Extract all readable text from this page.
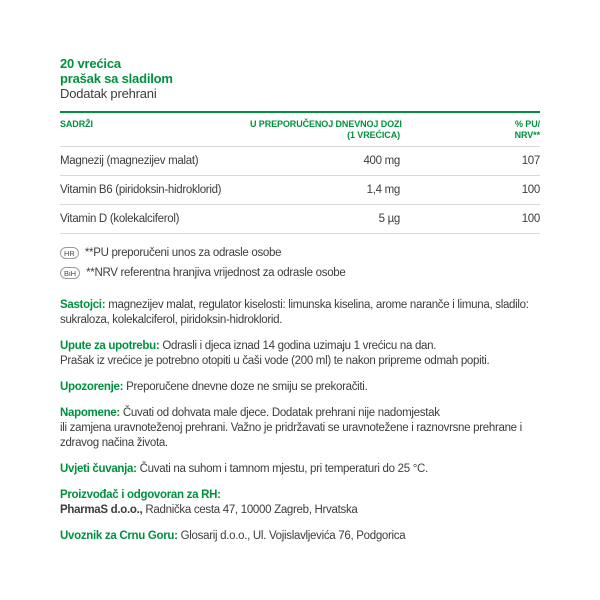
20 vrećica
prašak sa sladilom
Dodatak prehrani
SADRŽI	U PREPORUČENOJ DNEVNOJ DOZI
(1 VREĆICA)
% PU/
NRV**
Magnezij (magnezijev malat)	400 mg	107
Vitamin B6 (piridoksin-hidroklorid)	1,4 mg	100
Vitamin D (kolekalciferol)	5 µg	100
HR **PU preporučeni unos za odrasle osobe
BiH **NRV referentna hranjiva vrijednost za odrasle osobe

Sastojci: magnezijev malat, regulator kiselosti: limunska kiselina, arome naranče i limuna, sladilo:
sukraloza, kolekalciferol, piridoksin-hidroklorid.

Upute za upotrebu: Odrasli i djeca iznad 14 godina uzimaju 1 vrećicu na dan.
Prašak iz vrećice je potrebno otopiti u čaši vode (200 ml) te nakon pripreme odmah popiti.

Upozorenje: Preporučene dnevne doze ne smiju se prekoračiti.

Napomene: Čuvati od dohvata male djece. Dodatak prehrani nije nadomjestak
ili zamjena uravnoteženoj prehrani. Važno je pridržavati se uravnotežene i raznovrsne prehrane i
zdravog načina života.

Uvjeti čuvanja: Čuvati na suhom i tamnom mjestu, pri temperaturi do 25 °C.

Proizvođač i odgovoran za RH:
PharmaS d.o.o., Radnička cesta 47, 10000 Zagreb, Hrvatska

Uvoznik za Crnu Goru: Glosarij d.o.o., Ul. Vojislavljevića 76, Podgorica
